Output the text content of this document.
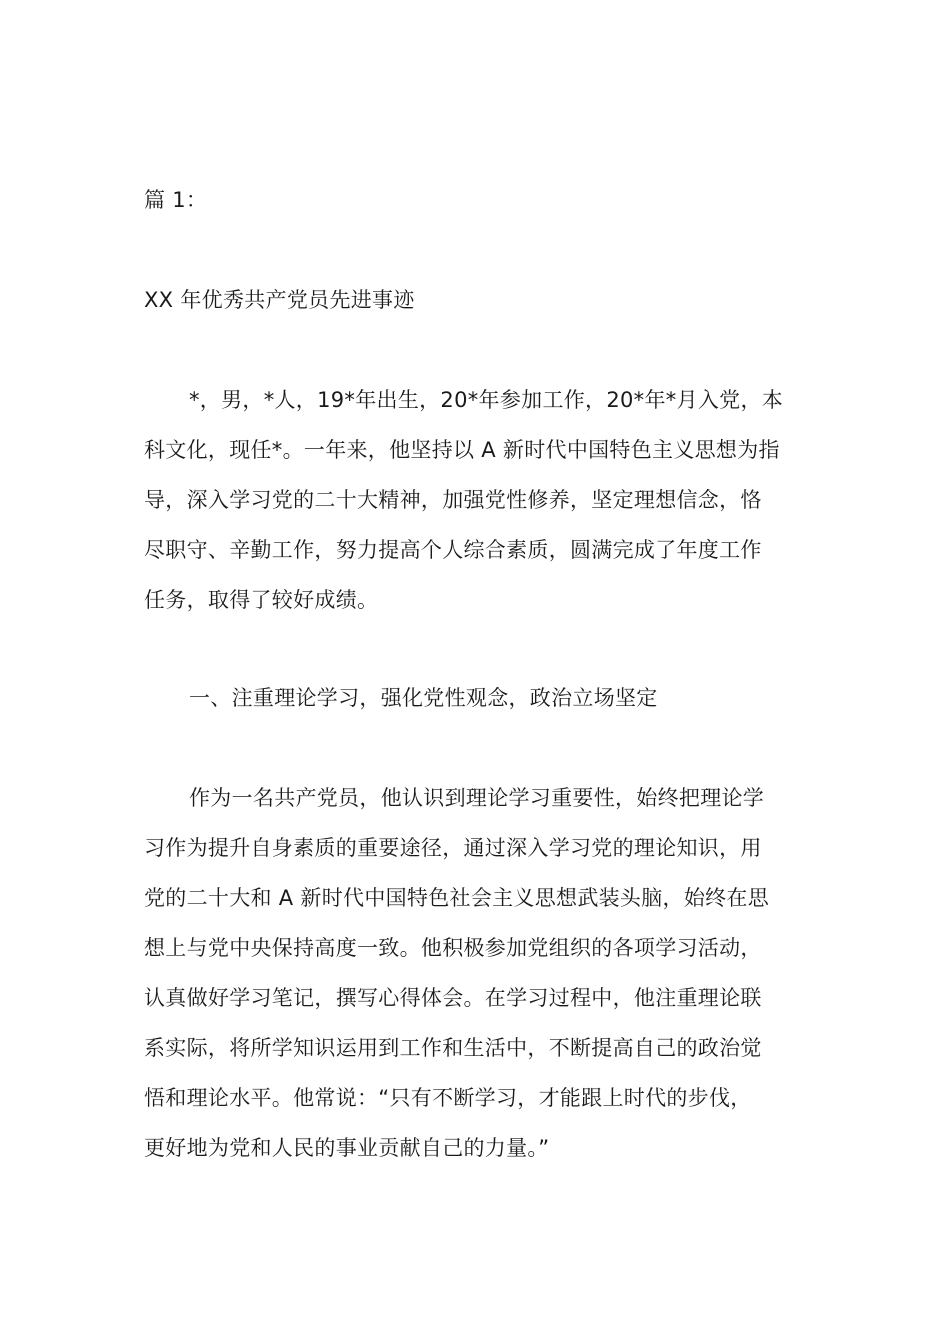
篇 1：
XX 年优秀共产党员先进事迹
*，男，*人，19*年出生，20*年参加工作，20*年*月入党，本
科文化，现任*。一年来，他坚持以 A 新时代中国特色主义思想为指
导，深入学习党的二十大精神，加强党性修养，坚定理想信念，恪
尽职守、辛勤工作，努力提高个人综合素质，圆满完成了年度工作
任务，取得了较好成绩。
一、注重理论学习，强化党性观念，政治立场坚定
作为一名共产党员，他认识到理论学习重要性，始终把理论学
习作为提升自身素质的重要途径，通过深入学习党的理论知识，用
党的二十大和 A 新时代中国特色社会主义思想武装头脑，始终在思
想上与党中央保持高度一致。他积极参加党组织的各项学习活动，
认真做好学习笔记，撰写心得体会。在学习过程中，他注重理论联
系实际，将所学知识运用到工作和生活中，不断提高自己的政治觉
悟和理论水平。他常说：“只有不断学习，才能跟上时代的步伐，
更好地为党和人民的事业贡献自己的力量。”
